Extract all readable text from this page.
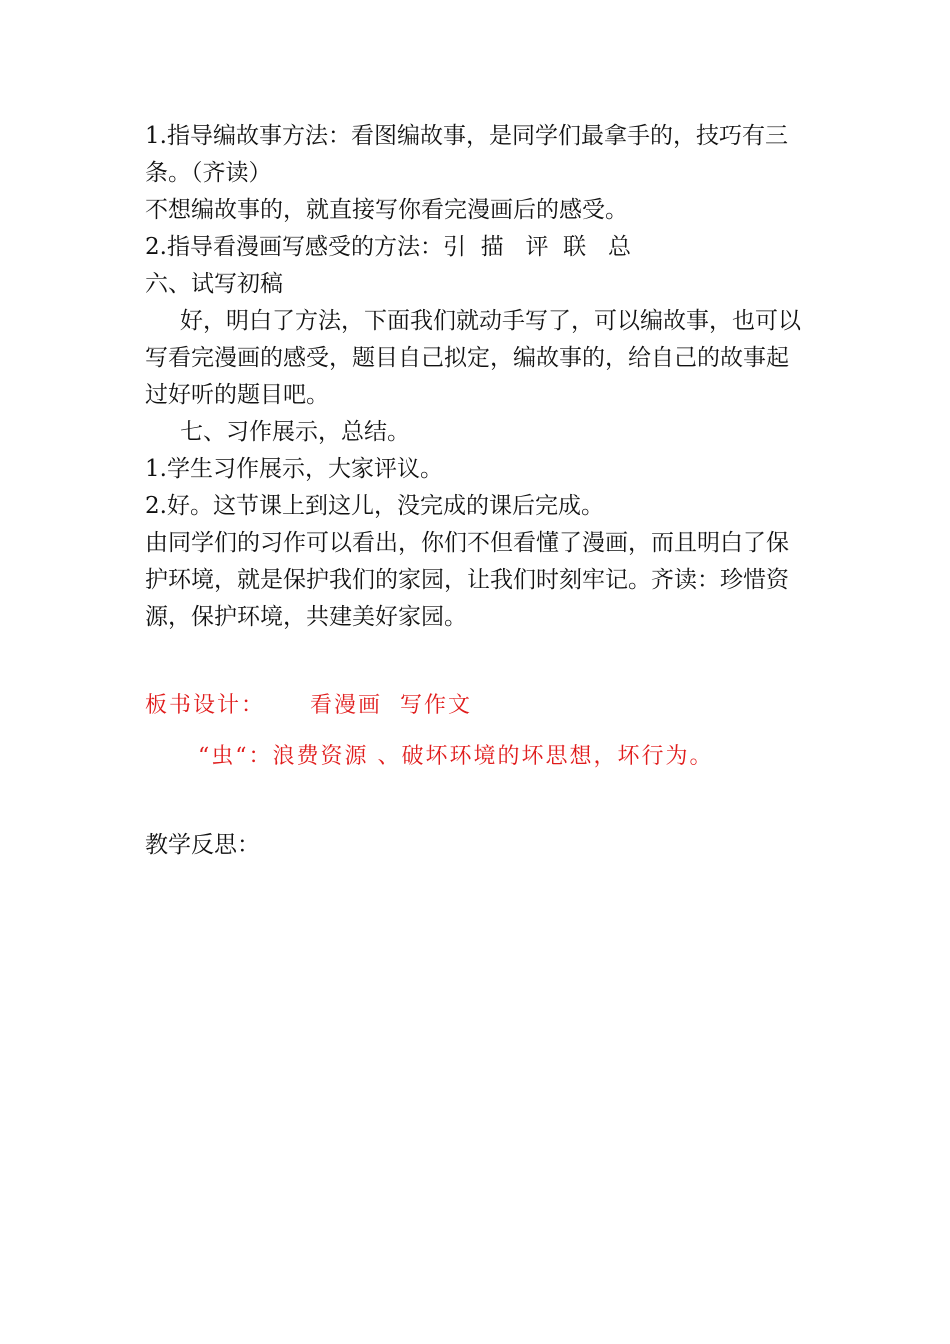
1.指导编故事方法：看图编故事，是同学们最拿手的，技巧有三条。（齐读）

不想编故事的，就直接写你看完漫画后的感受。

2.指导看漫画写感受的方法：引  描   评  联   总

六、试写初稿

好，明白了方法，下面我们就动手写了，可以编故事，也可以写看完漫画的感受，题目自己拟定，编故事的，给自己的故事起过好听的题目吧。

七、习作展示，总结。

1.学生习作展示，大家评议。

2.好。这节课上到这儿，没完成的课后完成。

由同学们的习作可以看出，你们不但看懂了漫画，而且明白了保护环境，就是保护我们的家园，让我们时刻牢记。齐读：珍惜资源，保护环境，共建美好家园。

板书设计： 看漫画  写作文

“虫“：浪费资源 、破坏环境的坏思想，坏行为。

教学反思：
